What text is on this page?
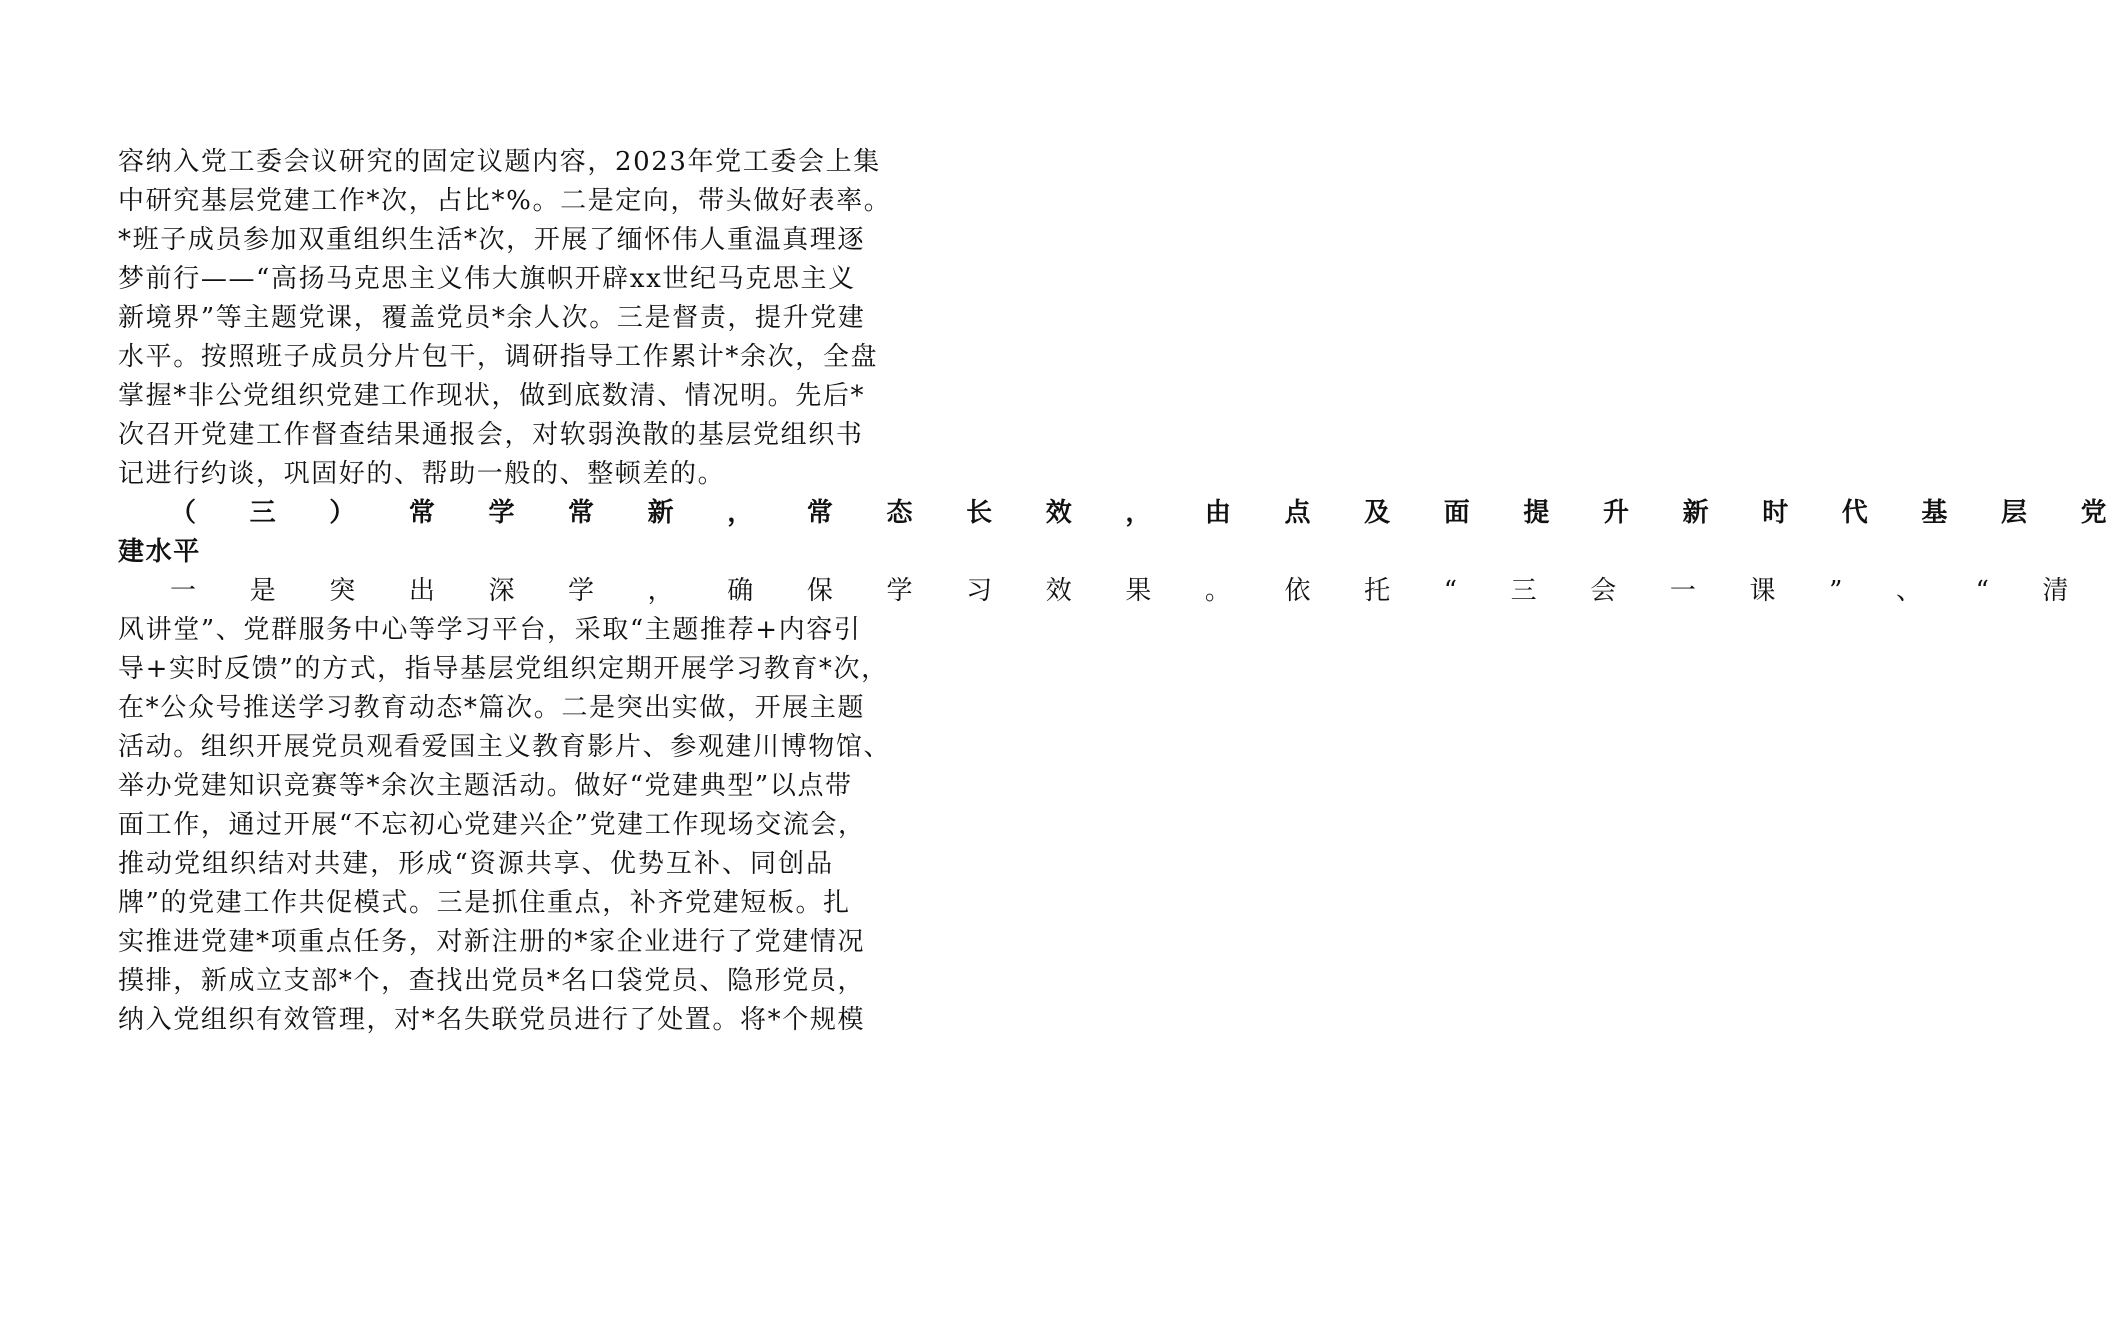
容 纳 入 党 工 委 会 议 研 究 的 固 定 议 题 内 容 ， 2023 年 党 工 委 会 上 集
中 研 究 基 层 党 建 工 作 * 次 ， 占 比 * % 。 二 是 定 向 ， 带 头 做 好 表 率 。
* 班 子 成 员 参 加 双 重 组 织 生 活 * 次 ， 开 展 了 缅 怀 伟 人 重 温 真 理 逐
梦 前 行 — — “ 高 扬 马 克 思 主 义 伟 大 旗 帜 开 辟 xx 世 纪 马 克 思 主 义
新 境 界 ” 等 主 题 党 课 ， 覆 盖 党 员 * 余 人 次 。 三 是 督 责 ， 提 升 党 建
水 平 。 按 照 班 子 成 员 分 片 包 干 ， 调 研 指 导 工 作 累 计 * 余 次 ， 全 盘
掌 握 * 非 公 党 组 织 党 建 工 作 现 状 ， 做 到 底 数 清 、 情 况 明 。 先 后 *
次 召 开 党 建 工 作 督 查 结 果 通 报 会 ， 对 软 弱 涣 散 的 基 层 党 组 织 书
记进行约谈，巩固好的、帮助一般的、整顿差的。
（	三	）	常	学	常	新	，	常	态	长	效	，	由	点	及	面	提	升	新	时	代	基	层	党
建水平
一	是	突	出	深	学	，	确	保	学	习	效	果	。	依	托	“	三	会	一	课	”	、	“	清
风 讲 堂 ” 、 党 群 服 务 中 心 等 学 习 平 台 ， 采 取 “ 主 题 推 荐 + 内 容 引
导 + 实 时 反 馈 ” 的 方 式 ， 指 导 基 层 党 组 织 定 期 开 展 学 习 教 育 * 次 ，
在 * 公 众 号 推 送 学 习 教 育 动 态 * 篇 次 。 二 是 突 出 实 做 ， 开 展 主 题
活 动 。 组 织 开 展 党 员 观 看 爱 国 主 义 教 育 影 片 、 参 观 建 川 博 物 馆 、
举 办 党 建 知 识 竞 赛 等 * 余 次 主 题 活 动 。 做 好 “ 党 建 典 型 ” 以 点 带
面 工 作 ， 通 过 开 展 “ 不 忘 初 心 党 建 兴 企 ” 党 建 工 作 现 场 交 流 会 ，
推 动 党 组 织 结 对 共 建 ， 形 成 “ 资 源 共 享 、 优 势 互 补 、 同 创 品
牌 ” 的 党 建 工 作 共 促 模 式 。 三 是 抓 住 重 点 ， 补 齐 党 建 短 板 。 扎
实 推 进 党 建 * 项 重 点 任 务 ， 对 新 注 册 的 * 家 企 业 进 行 了 党 建 情 况
摸 排 ， 新 成 立 支 部 * 个 ， 查 找 出 党 员 * 名 口 袋 党 员 、 隐 形 党 员 ，
纳 入 党 组 织 有 效 管 理 ， 对 * 名 失 联 党 员 进 行 了 处 置 。 将 * 个 规 模
